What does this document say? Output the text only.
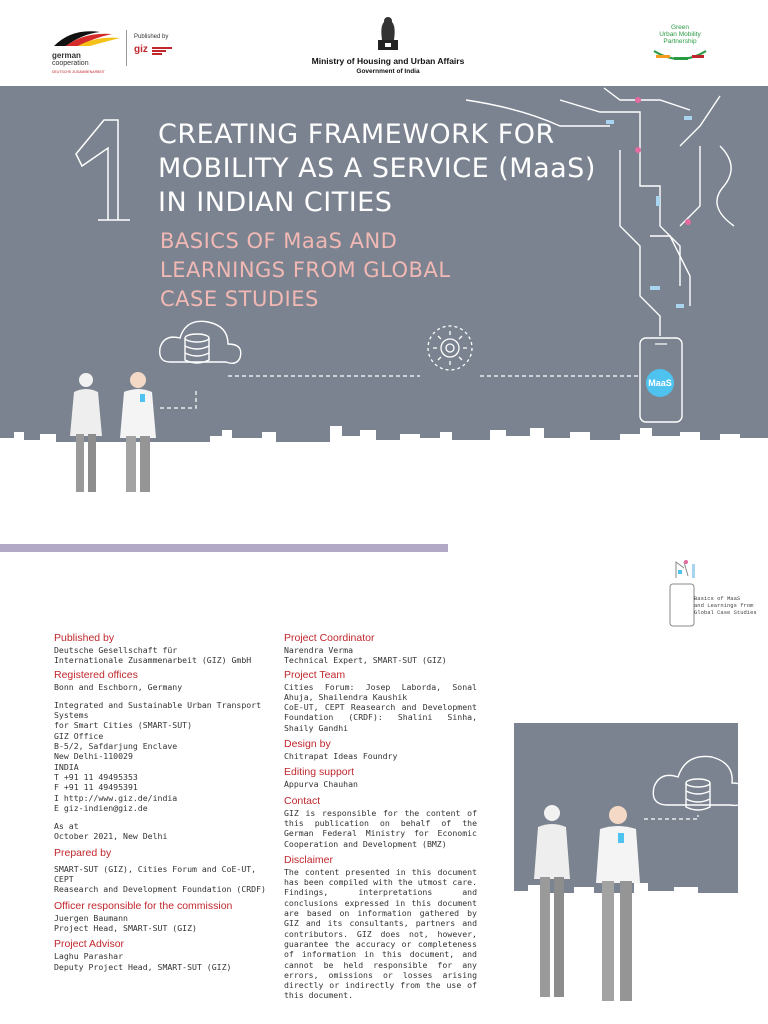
german
cooperation
DEUTSCHE ZUSAMMENARBEIT
Published by
giz
Ministry of Housing and Urban Affairs
Government of India
Green
Urban Mobility
Partnership
MaaS
CREATING FRAMEWORK FOR
MOBILITY AS A SERVICE (MaaS)
IN INDIAN CITIES
BASICS OF MaaS AND
LEARNINGS FROM GLOBAL
CASE STUDIES
Basics of MaaS
and Learnings from
Global Case Studies
Published by

Deutsche Gesellschaft für

Internationale Zusammenarbeit (GIZ) GmbH

Registered offices

Bonn and Eschborn, Germany

Integrated and Sustainable Urban Transport Systems

for Smart Cities (SMART-SUT)

GIZ Office

B-5/2, Safdarjung Enclave

New Delhi-110029

INDIA

T +91 11 49495353

F +91 11 49495391

I http://www.giz.de/india

E giz-indien@giz.de

As at

October 2021, New Delhi

Prepared by

SMART-SUT (GIZ), Cities Forum and CoE-UT, CEPT

Reasearch and Development Foundation (CRDF)

Officer responsible for the commission

Juergen Baumann

Project Head, SMART-SUT (GIZ)

Project Advisor

Laghu Parashar

Deputy Project Head, SMART-SUT (GIZ)

Project Coordinator

Narendra Verma

Technical Expert, SMART-SUT (GIZ)

Project Team

Cities Forum: Josep Laborda, Sonal Ahuja, Shailendra Kaushik

CoE-UT, CEPT Reasearch and Development Foundation (CRDF): Shalini Sinha, Shaily Gandhi

Design by

Chitrapat Ideas Foundry

Editing support

Appurva Chauhan

Contact

GIZ is responsible for the content of this publication on behalf of the German Federal Ministry for Economic Cooperation and Development (BMZ)

Disclaimer

The content presented in this document has been compiled with the utmost care. Findings, interpretations and conclusions expressed in this document are based on information gathered by GIZ and its consultants, partners and contributors. GIZ does not, however, guarantee the accuracy or completeness of information in this document, and cannot be held responsible for any errors, omissions or losses arising directly or indirectly from the use of this document.
